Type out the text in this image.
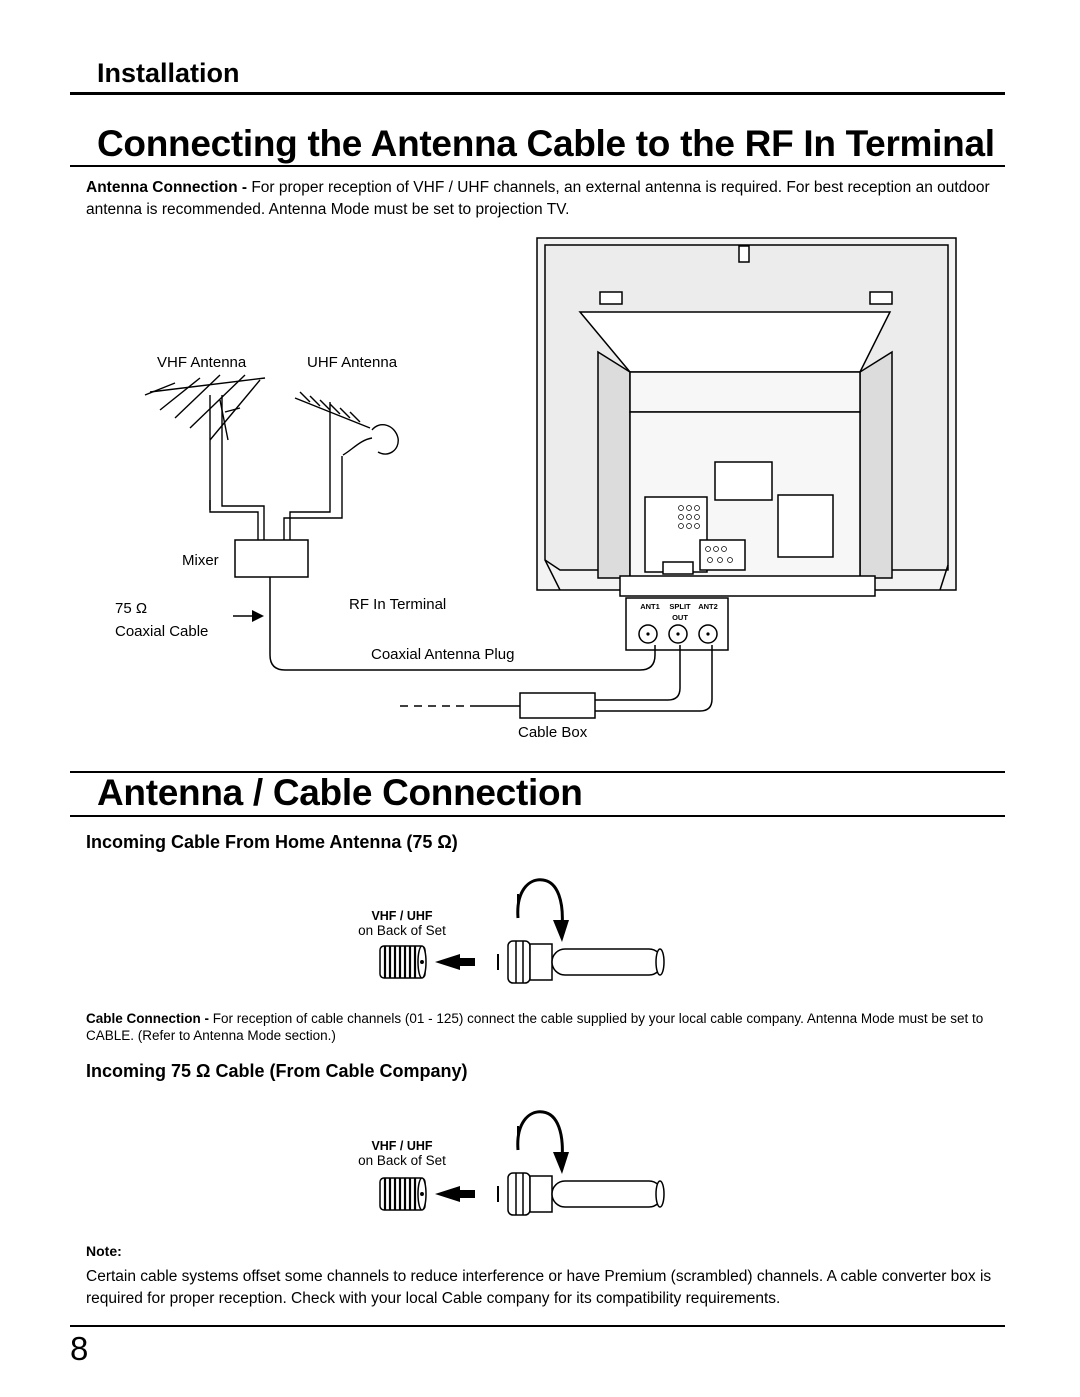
Installation
Connecting the Antenna Cable to the RF In Terminal
Antenna Connection - For proper reception of VHF / UHF channels, an external antenna is required. For best reception an outdoor antenna is recommended. Antenna Mode must be set to projection TV.
ANT1 SPLIT
OUT
ANT2
VHF Antenna	UHF Antenna
Mixer
75 Ω
Coaxial Cable
RF In Terminal
Coaxial Antenna Plug
Cable Box
Antenna / Cable Connection
Incoming Cable From Home Antenna (75 Ω)
VHF / UHF
on Back of Set
Cable Connection - For reception of cable channels (01 - 125) connect the cable supplied by your local cable company. Antenna Mode must be set to CABLE. (Refer to Antenna Mode section.)
Incoming 75 Ω Cable (From Cable Company)
VHF / UHF
on Back of Set
Note:
Certain cable systems offset some channels to reduce interference or have Premium (scrambled) channels. A cable converter box is required for proper reception. Check with your local Cable company for its compatibility requirements.
8
